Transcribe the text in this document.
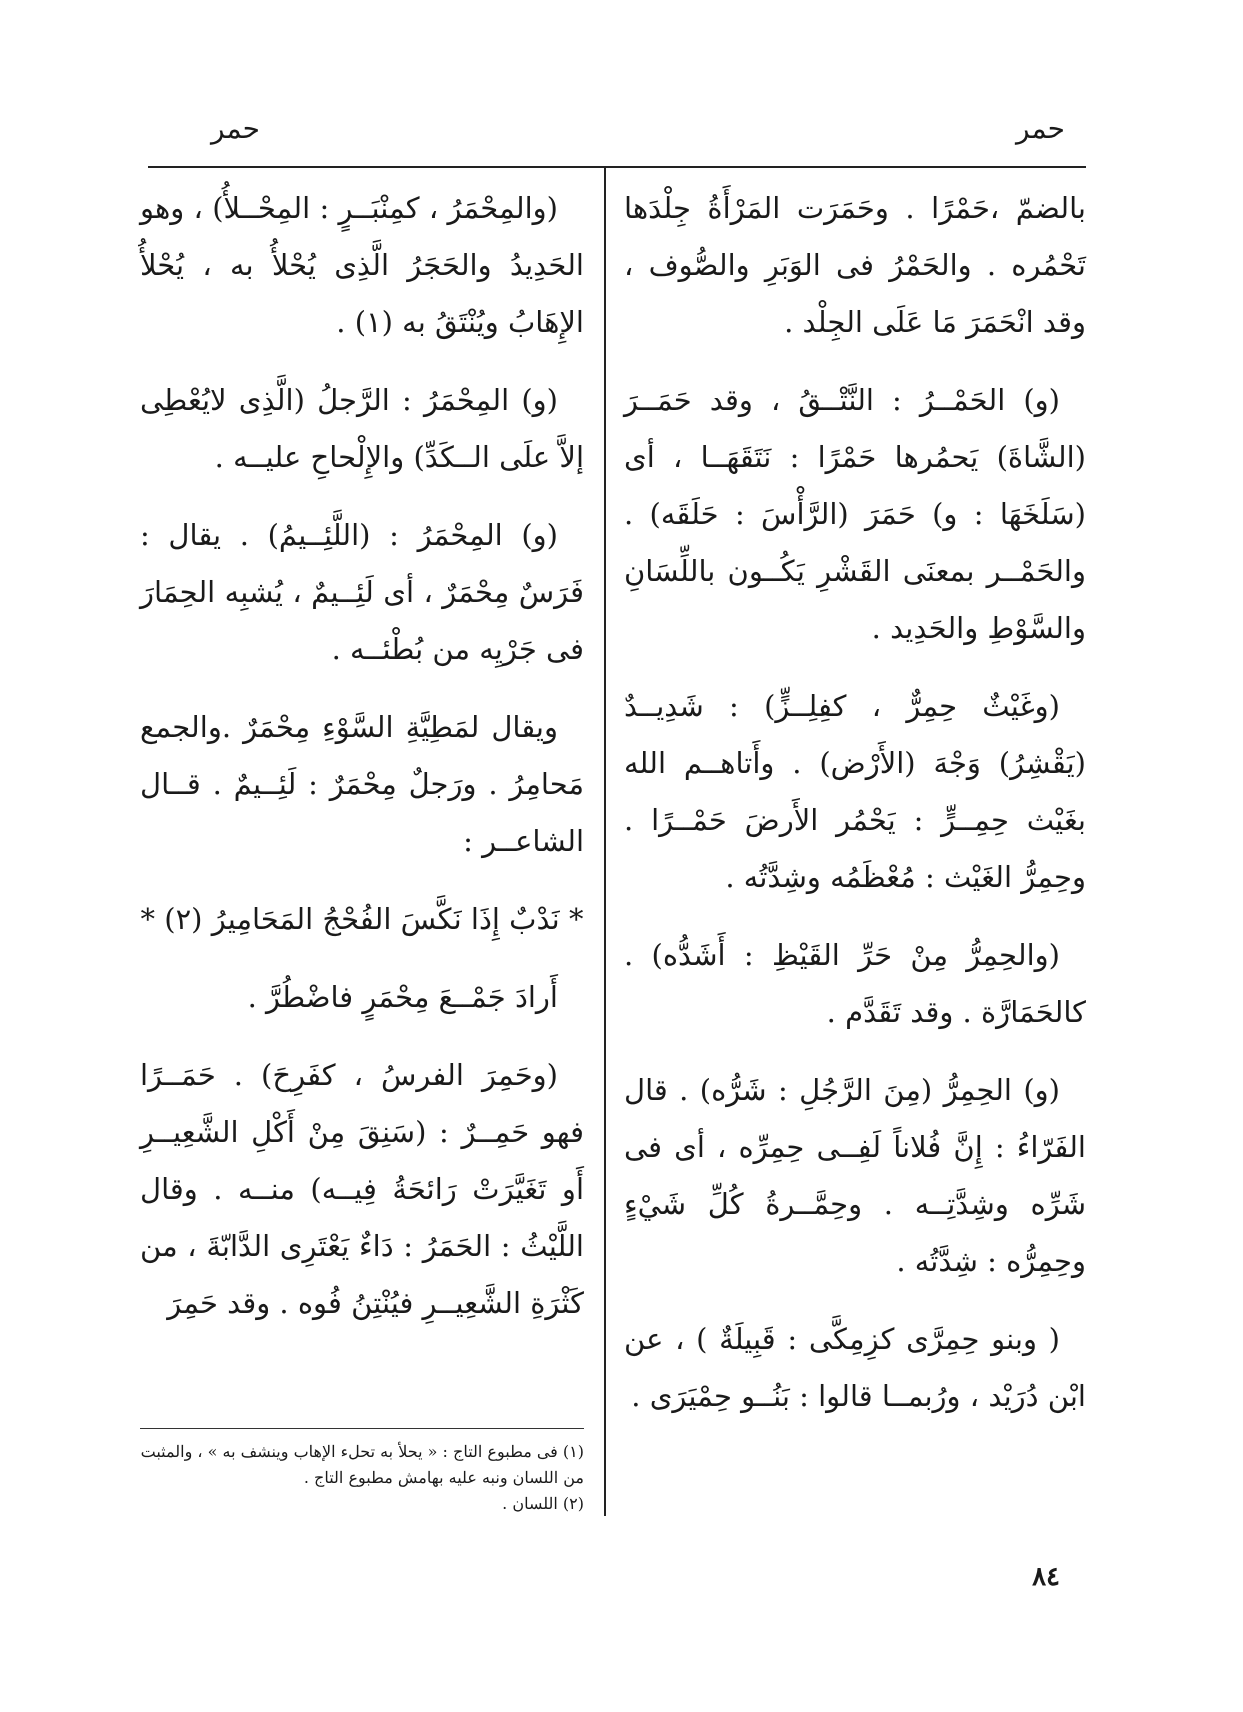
حمر
حمر

بالضمّ ،حَمْرًا . وحَمَرَت المَرْأَةُ جِلْدَها تَحْمُره . والحَمْرُ فى الوَبَرِ والصُّوف ، وقد انْحَمَرَ مَا عَلَى الجِلْد .

(و) الحَمْــرُ : النَّتْــقُ ، وقد حَمَــرَ (الشَّاةَ) يَحمُرها حَمْرًا : نَتَقَهَــا ، أى (سَلَخَهَا : و) حَمَرَ (الرَّأْسَ : حَلَقَه) . والحَمْــر بمعنَى القَشْرِ يَكُــون باللِّسَانِ والسَّوْطِ والحَدِيد .

(وغَيْثٌ حِمِرٌّ ، كفِلِــزٍّ) : شَدِيــدٌ (يَقْشِرُ) وَجْهَ (الأَرْض) . وأَتاهــم الله بغَيْث حِمِــرٍّ : يَحْمُر الأَرضَ حَمْــرًا . وحِمِرُّ الغَيْث : مُعْظَمُه وشِدَّتُه .

(والحِمِرُّ مِنْ حَرِّ القَيْظِ : أَشَدُّه) . كالحَمَارَّة . وقد تَقَدَّم .

(و) الحِمِرُّ (مِنَ الرَّجُلِ : شَرُّه) . قال الفَرّاءُ : إِنَّ فُلاناً لَفِــى حِمِرِّه ، أى فى شَرِّه وشِدَّتِــه . وحِمَّــرةُ كُلِّ شَيْءٍ وحِمِرُّه : شِدَّتُه .

( وبنو حِمِرَّى كزِمِكَّى : قَبِيلَةٌ ) ، عن ابْن دُرَيْد ، ورُبمــا قالوا : بَنُــو حِمْيَرَى .

(والمِحْمَرُ ، كمِنْبَــرٍ : المِحْــلأُ) ، وهو الحَدِيدُ والحَجَرُ الَّذِى يُحْلأُ به ، يُحْلأُ الإِهَابُ ويُنْتَقُ به (١) .

(و) المِحْمَرُ : الرَّجلُ (الَّذِى لايُعْطِى إلاَّ علَى الــكَدِّ) والإِلْحاحِ عليــه .

(و) المِحْمَرُ : (اللَّئِــيمُ) . يقال : فَرَسٌ مِحْمَرٌ ، أى لَئِــيمٌ ، يُشبِه الحِمَارَ فى جَرْيِه من بُطْئــه .

ويقال لمَطِيَّةِ السَّوْءِ مِحْمَرٌ .والجمع مَحامِرُ . ورَجلٌ مِحْمَرٌ : لَئِــيمٌ . قــال الشاعــر :

* نَدْبٌ إِذَا نَكَّسَ الفُحْجُ المَحَامِيرُ (٢) *

أَرادَ جَمْــعَ مِحْمَرٍ فاضْطُرَّ .

(وحَمِرَ الفرسُ ، كفَرِحَ) . حَمَــرًا فهو حَمِــرٌ : (سَنِقَ مِنْ أَكْلِ الشَّعِيــرِ أَو تَغَيَّرَتْ رَائحَةُ فِيــه) منــه . وقال اللَّيْثُ : الحَمَرُ : دَاءٌ يَعْتَرِى الدَّابّةَ ، من كَثْرَةِ الشَّعِيــرِ فيُنْتِنُ فُوه . وقد حَمِرَ

(١) فى مطبوع التاج : « يحلأ به تحلء الإهاب وينشف به » ، والمثبت من اللسان ونبه عليه بهامش مطبوع التاج .

(٢) اللسان .

٨٤
